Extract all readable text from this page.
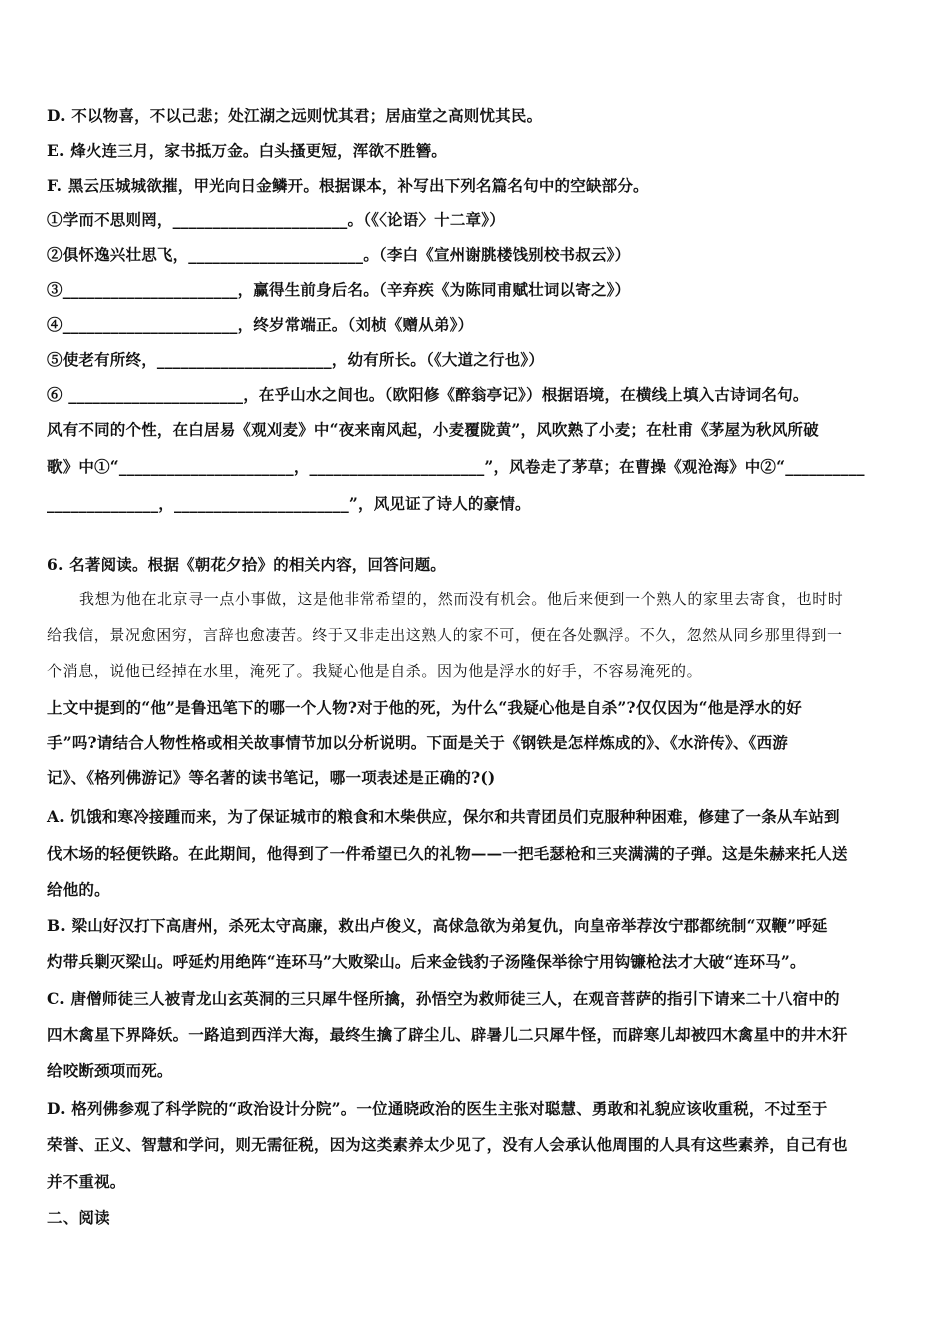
D. 不以物喜，不以己悲；处江湖之远则忧其君；居庙堂之高则忧其民。
E. 烽火连三月，家书抵万金。白头搔更短，浑欲不胜簪。
F. 黑云压城城欲摧，甲光向日金鳞开。根据课本，补写出下列名篇名句中的空缺部分。
①学而不思则罔，______________________。（《〈论语〉十二章》）
②俱怀逸兴壮思飞，______________________。（李白《宣州谢朓楼饯别校书叔云》）
③______________________，赢得生前身后名。（辛弃疾《为陈同甫赋壮词以寄之》）
④______________________，终岁常端正。（刘桢《赠从弟》）
⑤使老有所终，______________________，幼有所长。（《大道之行也》）
⑥ ______________________，在乎山水之间也。（欧阳修《醉翁亭记》）根据语境，在横线上填入古诗词名句。
风有不同的个性，在白居易《观刈麦》中“夜来南风起，小麦覆陇黄”，风吹熟了小麦；在杜甫《茅屋为秋风所破
歌》中①“______________________，______________________”，风卷走了茅草；在曹操《观沧海》中②“__________
______________，______________________”，风见证了诗人的豪情。
6. 名著阅读。根据《朝花夕拾》的相关内容，回答问题。
我想为他在北京寻一点小事做，这是他非常希望的，然而没有机会。他后来便到一个熟人的家里去寄食，也时时
给我信，景况愈困穷，言辞也愈凄苦。终于又非走出这熟人的家不可，便在各处飘浮。不久，忽然从同乡那里得到一
个消息，说他已经掉在水里，淹死了。我疑心他是自杀。因为他是浮水的好手，不容易淹死的。
上文中提到的“他”是鲁迅笔下的哪一个人物?对于他的死，为什么“我疑心他是自杀”?仅仅因为“他是浮水的好
手”吗?请结合人物性格或相关故事情节加以分析说明。下面是关于《钢铁是怎样炼成的》、《水浒传》、《西游
记》、《格列佛游记》等名著的读书笔记，哪一项表述是正确的?()
A. 饥饿和寒冷接踵而来，为了保证城市的粮食和木柴供应，保尔和共青团员们克服种种困难，修建了一条从车站到
伐木场的轻便铁路。在此期间，他得到了一件希望已久的礼物——一把毛瑟枪和三夹满满的子弹。这是朱赫来托人送
给他的。
B. 梁山好汉打下高唐州，杀死太守高廉，救出卢俊义，高俅急欲为弟复仇，向皇帝举荐汝宁郡都统制“双鞭”呼延
灼带兵剿灭梁山。呼延灼用绝阵“连环马”大败梁山。后来金钱豹子汤隆保举徐宁用钩镰枪法才大破“连环马”。
C. 唐僧师徒三人被青龙山玄英洞的三只犀牛怪所擒，孙悟空为救师徒三人，在观音菩萨的指引下请来二十八宿中的
四木禽星下界降妖。一路追到西洋大海，最终生擒了辟尘儿、辟暑儿二只犀牛怪，而辟寒儿却被四木禽星中的井木犴
给咬断颈项而死。
D. 格列佛参观了科学院的“政治设计分院”。一位通晓政治的医生主张对聪慧、勇敢和礼貌应该收重税，不过至于
荣誉、正义、智慧和学问，则无需征税，因为这类素养太少见了，没有人会承认他周围的人具有这些素养，自己有也
并不重视。
二、阅读
